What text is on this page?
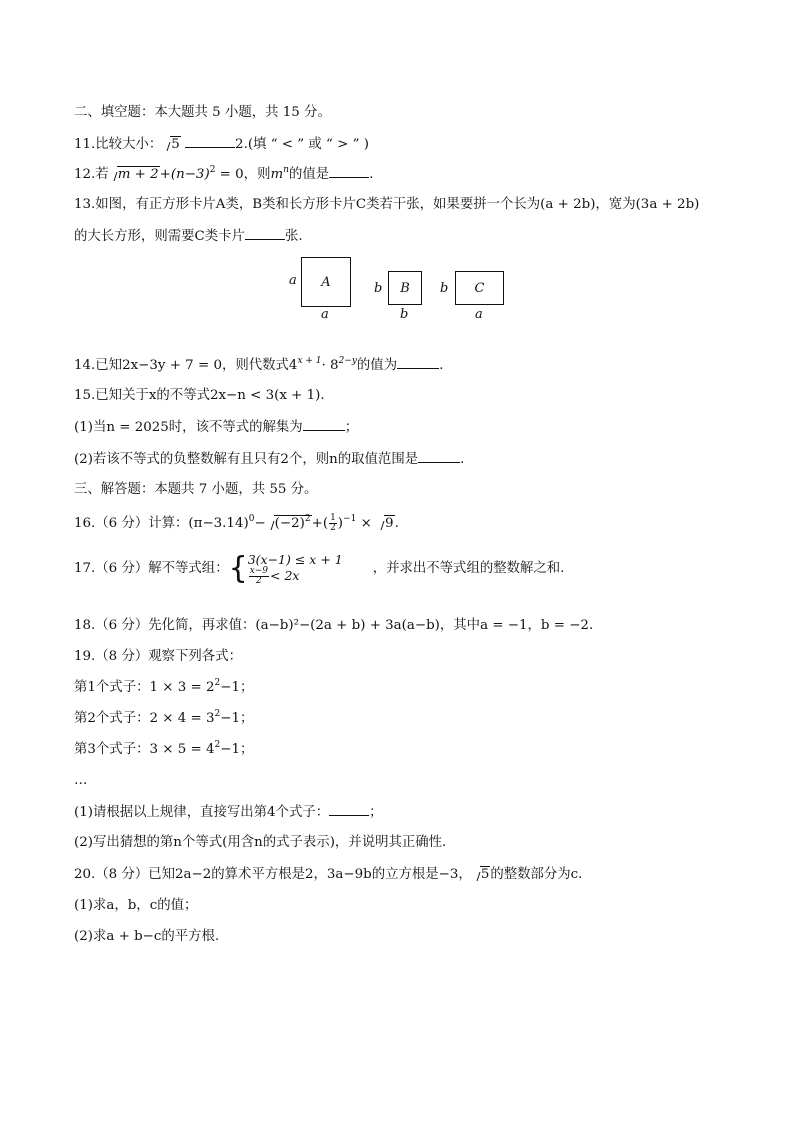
二、填空题：本大题共 5 小题，共 15 分。
11.比较大小： 5	2.(填 “ < ” 或 “ > ” )
12.若 $m + 2+(n-3)^2 = 0$，则$m^n$的值是	.
13.如图，有正方形卡片A类，B类和长方形卡片C类若干张，如果要拼一个长为(a + 2b)，宽为(3a + 2b)
的大长方形，则需要C类卡片	张.
a A
a
b B
b
b C
a
14.已知2x−3y + 7 = 0，则代数式$4^{x + 1}\cdot 8^{2-y}$的值为	.
15.已知关于x的不等式2x−n < 3(x + 1).
(1)当n = 2025时，该不等式的解集为	；
(2)若该不等式的负整数解有且只有2个，则n的取值范围是	.
三、解答题：本题共 7 小题，共 55 分。
16.（6 分）计算：$(\pi-3.14)^0- (-2)^2+( \frac{1}{2} )^{-1} \times 9$.
17.（6 分）解不等式组： { 3(x−1) ≤ x + 1
$\frac{x-9}{2} < 2x$	，并求出不等式组的整数解之和.
18.（6 分）先化简，再求值：(a−b)²−(2a + b) + 3a(a−b)，其中a = −1，b = −2.
19.（8 分）观察下列各式：
第1个式子：$1 \times 3 = 2^2-1$；
第2个式子：$2 \times 4 = 3^2-1$；
第3个式子：$3 \times 5 = 4^2-1$；
…
(1)请根据以上规律，直接写出第4个式子：	；
(2)写出猜想的第n个等式(用含n的式子表示)，并说明其正确性.
20.（8 分）已知2a−2的算术平方根是2，3a−9b的立方根是−3， 5的整数部分为c.
(1)求a，b，c的值；
(2)求a + b−c的平方根.
